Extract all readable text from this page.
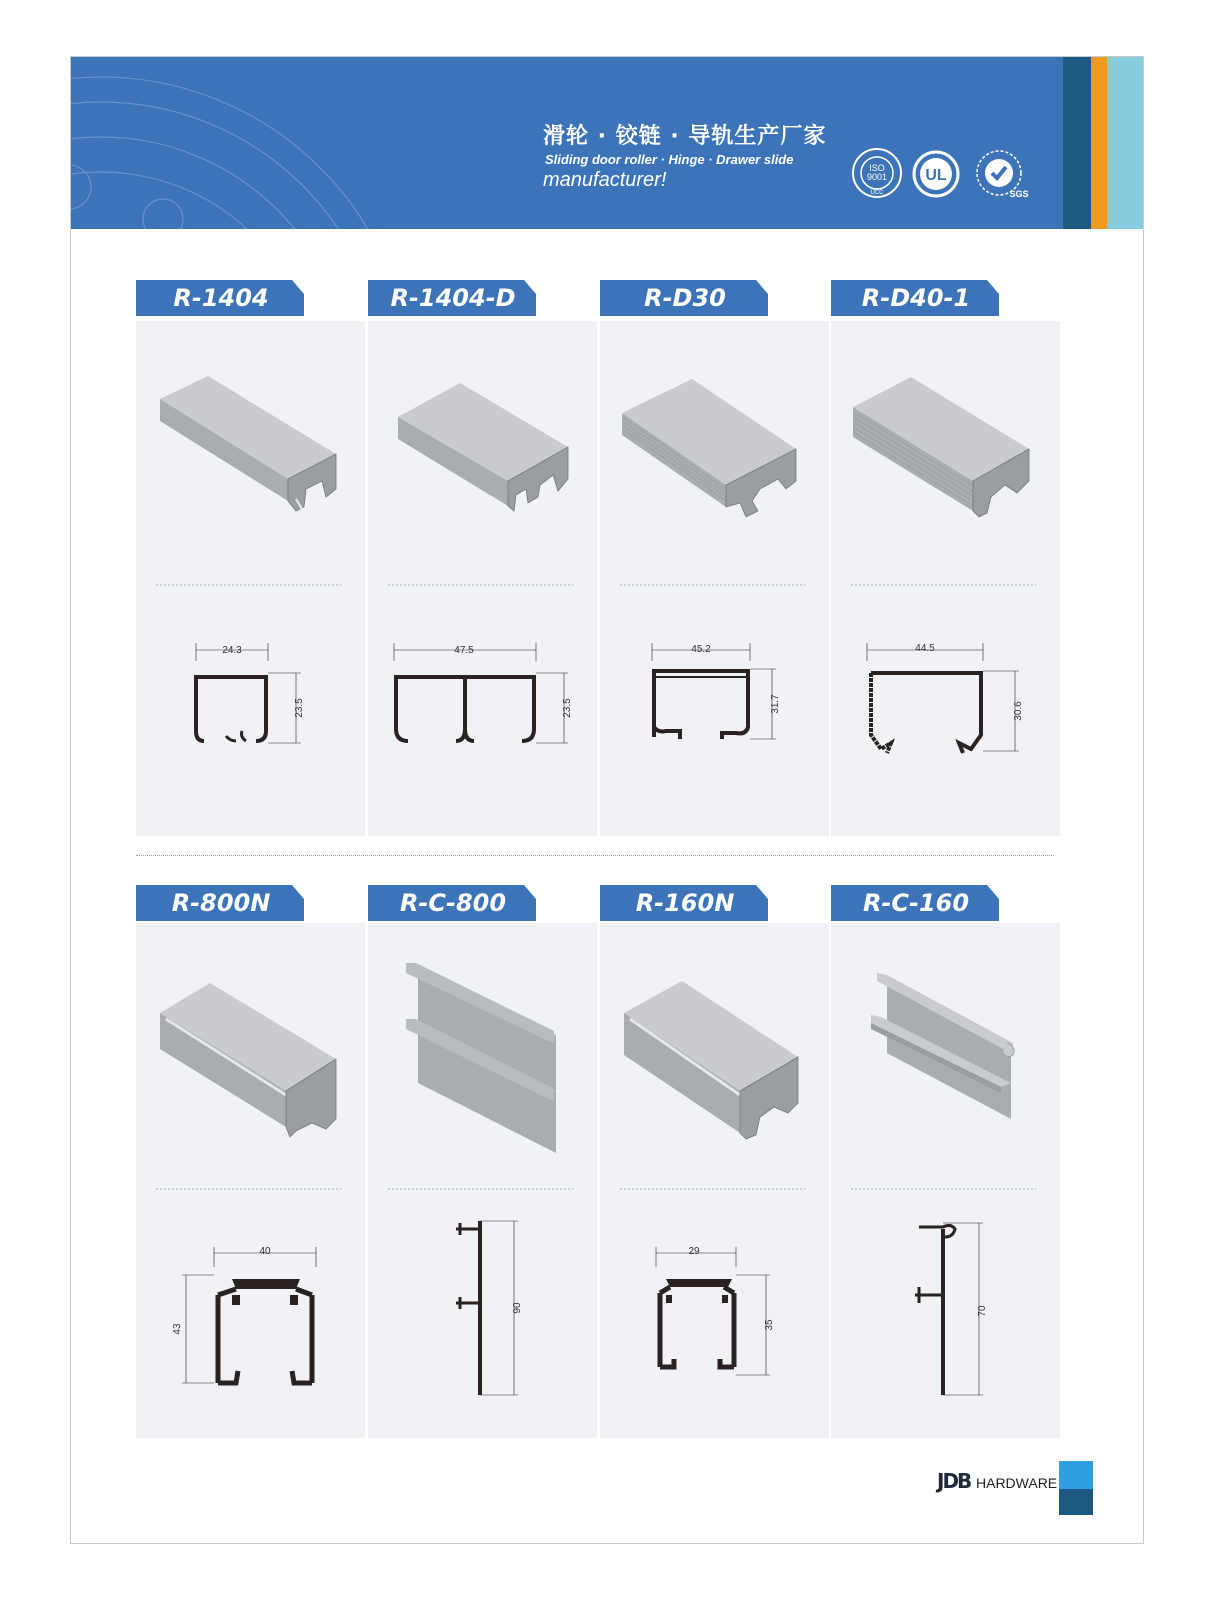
滑轮 · 铰链 · 导轨生产厂家
Sliding door roller · Hinge · Drawer slide
manufacturer!
ISO
9001
UCC
UL
SGS
R-1404	R-1404-D	R-D30	R-D40-1
24.3
23.5
47.5
23.5
45.2
31.7
44.5
30.6
R-800N	R-C-800	R-160N	R-C-160
40
43
90
29
35
70
JDB HARDWARE
